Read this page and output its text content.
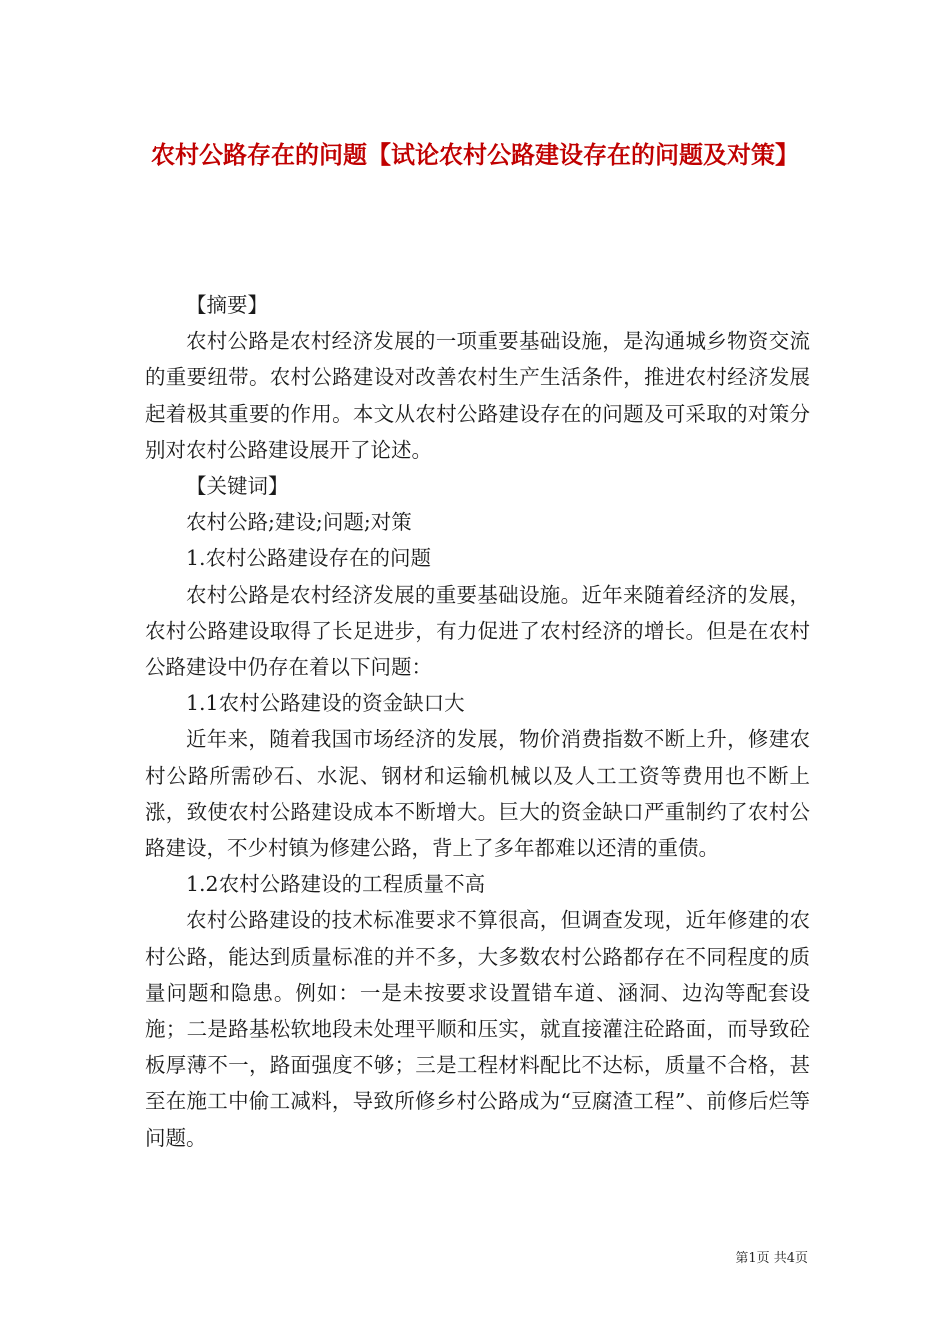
农村公路存在的问题【试论农村公路建设存在的问题及对策】

【摘要】

农村公路是农村经济发展的一项重要基础设施，是沟通城乡物资交流的重要纽带。农村公路建设对改善农村生产生活条件，推进农村经济发展起着极其重要的作用。本文从农村公路建设存在的问题及可采取的对策分别对农村公路建设展开了论述。

【关键词】

农村公路;建设;问题;对策

1.农村公路建设存在的问题

农村公路是农村经济发展的重要基础设施。近年来随着经济的发展，农村公路建设取得了长足进步，有力促进了农村经济的增长。但是在农村公路建设中仍存在着以下问题：

1.1农村公路建设的资金缺口大

近年来，随着我国市场经济的发展，物价消费指数不断上升，修建农村公路所需砂石、水泥、钢材和运输机械以及人工工资等费用也不断上涨，致使农村公路建设成本不断增大。巨大的资金缺口严重制约了农村公路建设，不少村镇为修建公路，背上了多年都难以还清的重债。

1.2农村公路建设的工程质量不高

农村公路建设的技术标准要求不算很高，但调查发现，近年修建的农村公路，能达到质量标准的并不多，大多数农村公路都存在不同程度的质量问题和隐患。例如：一是未按要求设置错车道、涵洞、边沟等配套设施；二是路基松软地段未处理平顺和压实，就直接灌注砼路面，而导致砼板厚薄不一，路面强度不够；三是工程材料配比不达标，质量不合格，甚至在施工中偷工减料，导致所修乡村公路成为“豆腐渣工程”、前修后烂等问题。

第1页 共4页
